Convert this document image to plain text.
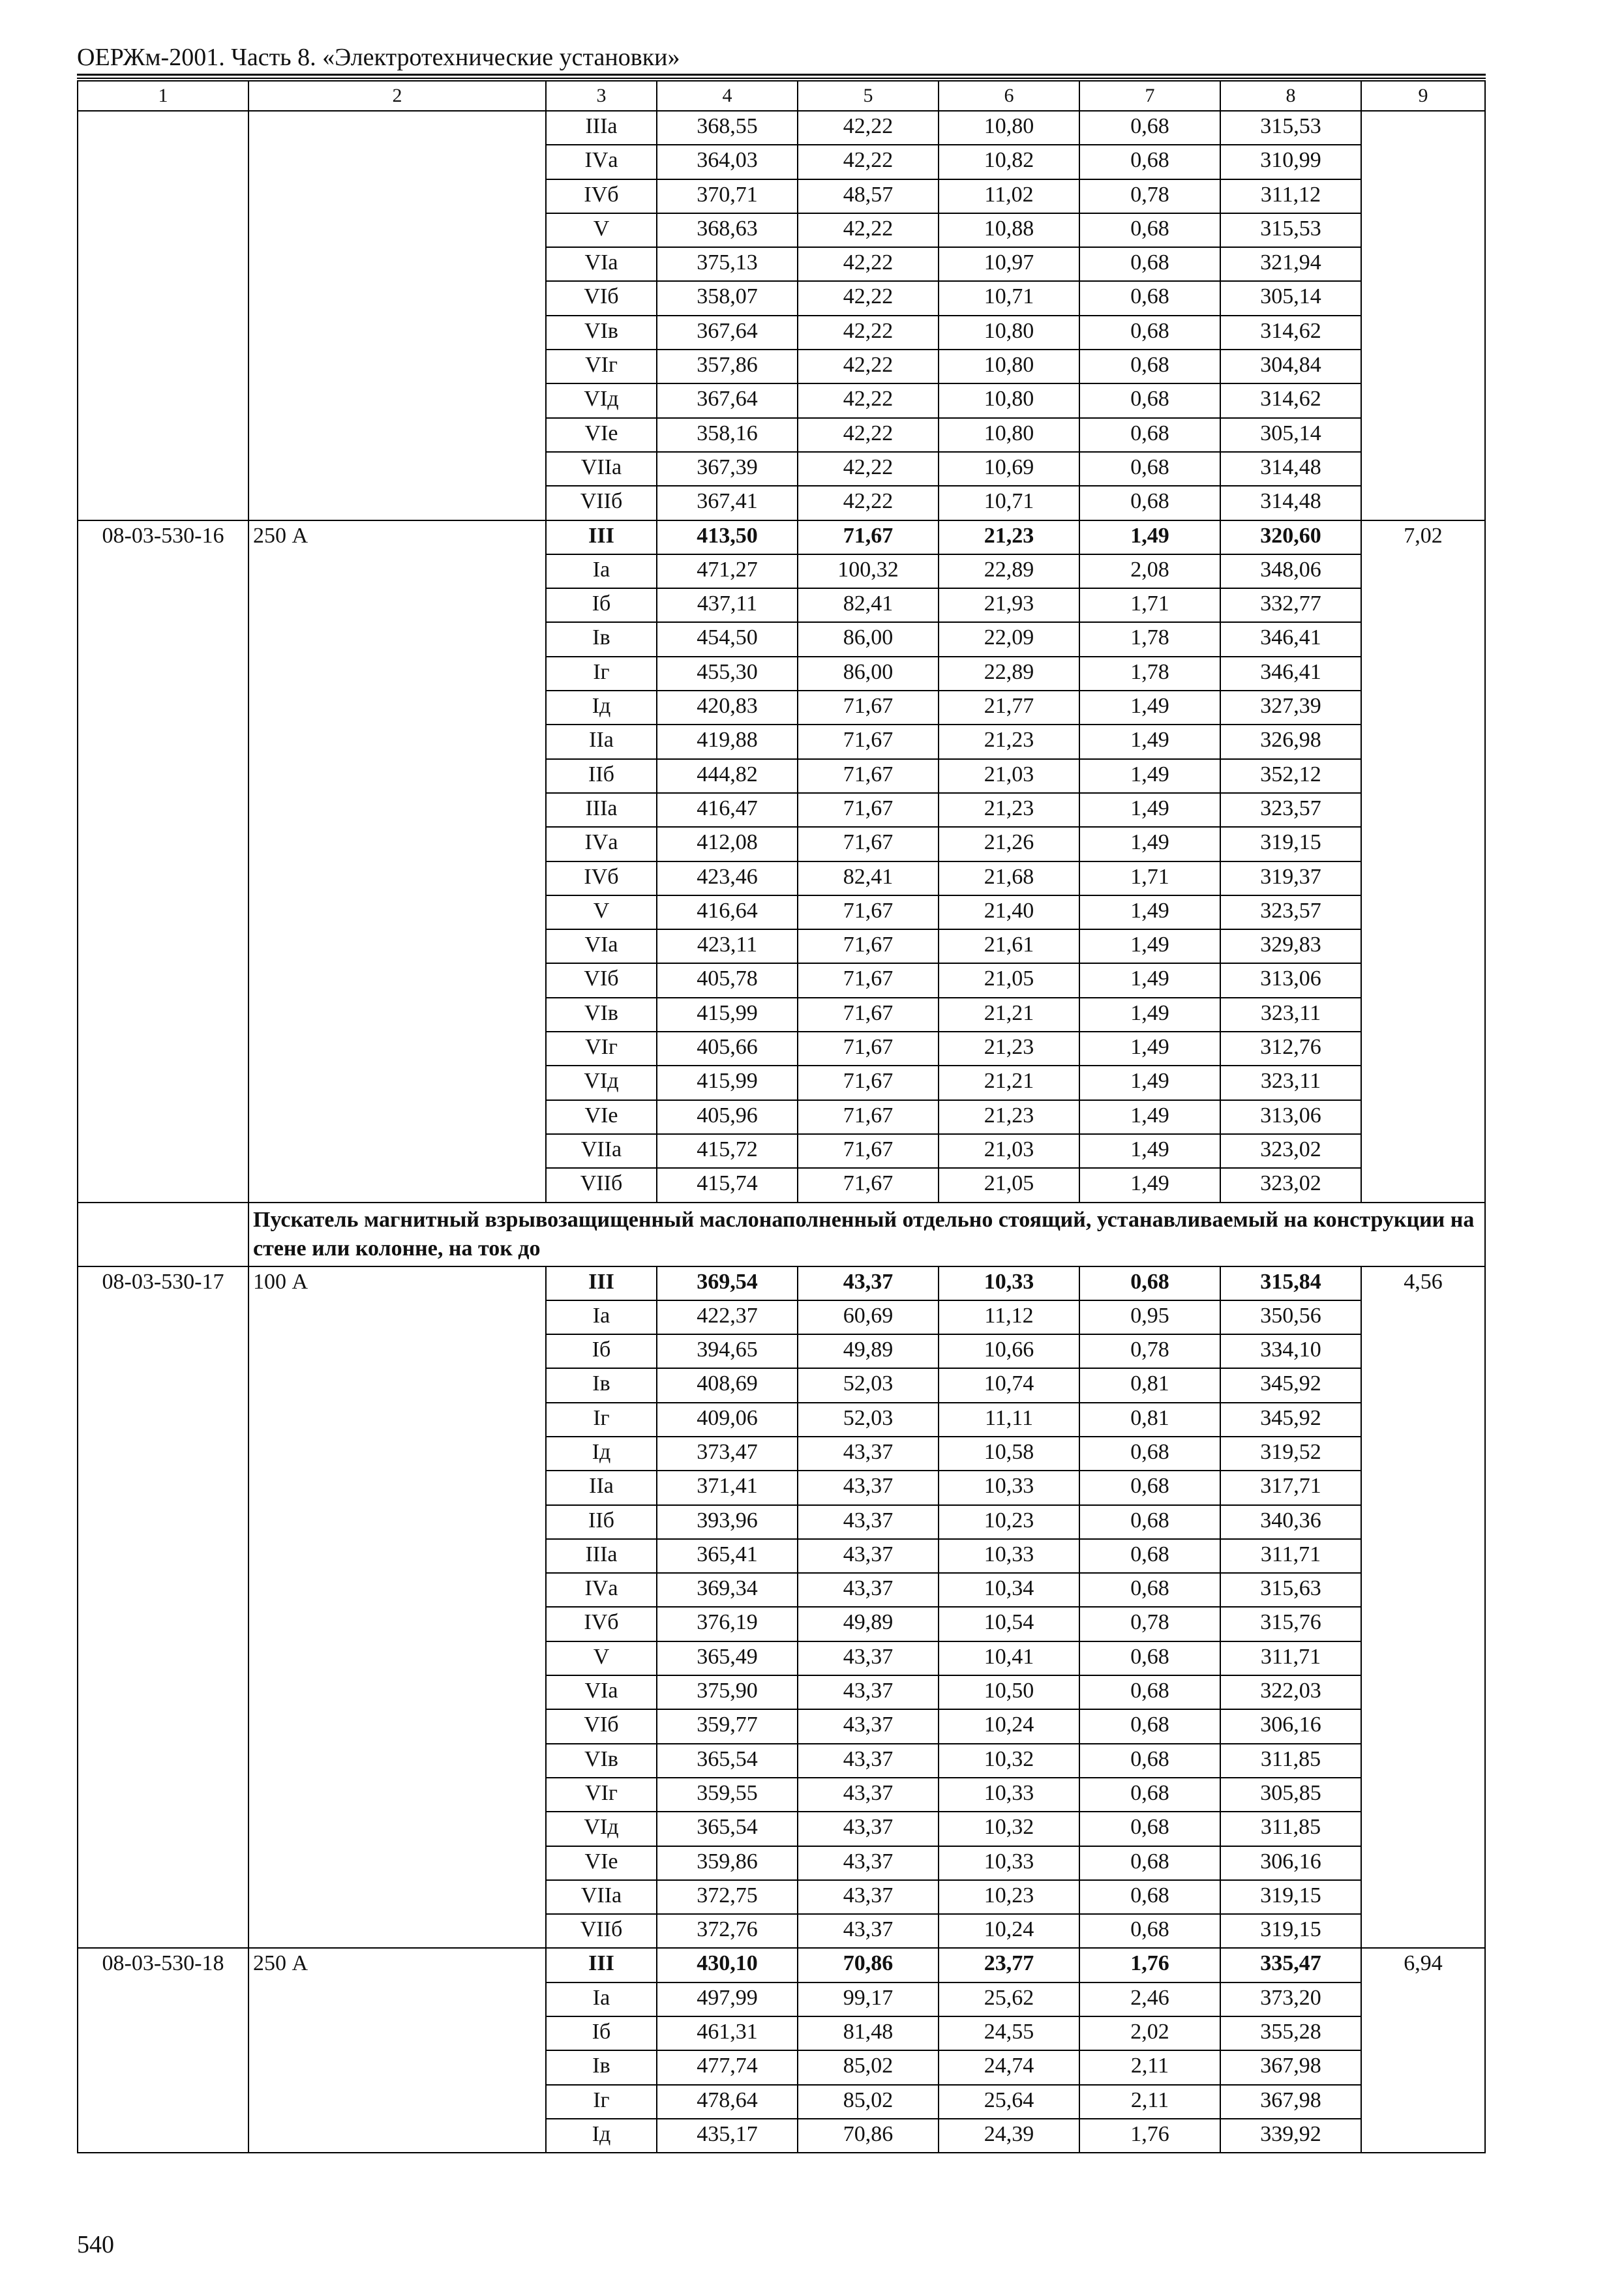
ОЕРЖм-2001. Часть 8. «Электротехнические установки»
1	2	3	4	5	6	7	8	9
		IIIа	368,55	42,22	10,80	0,68	315,53	
		IVа	364,03	42,22	10,82	0,68	310,99	
		IVб	370,71	48,57	11,02	0,78	311,12	
		V	368,63	42,22	10,88	0,68	315,53	
		VIа	375,13	42,22	10,97	0,68	321,94	
		VIб	358,07	42,22	10,71	0,68	305,14	
		VIв	367,64	42,22	10,80	0,68	314,62	
		VIг	357,86	42,22	10,80	0,68	304,84	
		VIд	367,64	42,22	10,80	0,68	314,62	
		VIе	358,16	42,22	10,80	0,68	305,14	
		VIIа	367,39	42,22	10,69	0,68	314,48	
		VIIб	367,41	42,22	10,71	0,68	314,48	
08-03-530-16	250 А	III	413,50	71,67	21,23	1,49	320,60	7,02
		Iа	471,27	100,32	22,89	2,08	348,06	
		Iб	437,11	82,41	21,93	1,71	332,77	
		Iв	454,50	86,00	22,09	1,78	346,41	
		Iг	455,30	86,00	22,89	1,78	346,41	
		Iд	420,83	71,67	21,77	1,49	327,39	
		IIа	419,88	71,67	21,23	1,49	326,98	
		IIб	444,82	71,67	21,03	1,49	352,12	
		IIIа	416,47	71,67	21,23	1,49	323,57	
		IVа	412,08	71,67	21,26	1,49	319,15	
		IVб	423,46	82,41	21,68	1,71	319,37	
		V	416,64	71,67	21,40	1,49	323,57	
		VIа	423,11	71,67	21,61	1,49	329,83	
		VIб	405,78	71,67	21,05	1,49	313,06	
		VIв	415,99	71,67	21,21	1,49	323,11	
		VIг	405,66	71,67	21,23	1,49	312,76	
		VIд	415,99	71,67	21,21	1,49	323,11	
		VIе	405,96	71,67	21,23	1,49	313,06	
		VIIа	415,72	71,67	21,03	1,49	323,02	
		VIIб	415,74	71,67	21,05	1,49	323,02	
	Пускатель магнитный взрывозащищенный маслонаполненный отдельно стоящий, устанавливаемый на конструкции на стене или колонне, на ток до							
08-03-530-17	100 А	III	369,54	43,37	10,33	0,68	315,84	4,56
		Iа	422,37	60,69	11,12	0,95	350,56	
		Iб	394,65	49,89	10,66	0,78	334,10	
		Iв	408,69	52,03	10,74	0,81	345,92	
		Iг	409,06	52,03	11,11	0,81	345,92	
		Iд	373,47	43,37	10,58	0,68	319,52	
		IIа	371,41	43,37	10,33	0,68	317,71	
		IIб	393,96	43,37	10,23	0,68	340,36	
		IIIа	365,41	43,37	10,33	0,68	311,71	
		IVа	369,34	43,37	10,34	0,68	315,63	
		IVб	376,19	49,89	10,54	0,78	315,76	
		V	365,49	43,37	10,41	0,68	311,71	
		VIа	375,90	43,37	10,50	0,68	322,03	
		VIб	359,77	43,37	10,24	0,68	306,16	
		VIв	365,54	43,37	10,32	0,68	311,85	
		VIг	359,55	43,37	10,33	0,68	305,85	
		VIд	365,54	43,37	10,32	0,68	311,85	
		VIе	359,86	43,37	10,33	0,68	306,16	
		VIIа	372,75	43,37	10,23	0,68	319,15	
		VIIб	372,76	43,37	10,24	0,68	319,15	
08-03-530-18	250 А	III	430,10	70,86	23,77	1,76	335,47	6,94
		Iа	497,99	99,17	25,62	2,46	373,20	
		Iб	461,31	81,48	24,55	2,02	355,28	
		Iв	477,74	85,02	24,74	2,11	367,98	
		Iг	478,64	85,02	25,64	2,11	367,98	
		Iд	435,17	70,86	24,39	1,76	339,92	
540
